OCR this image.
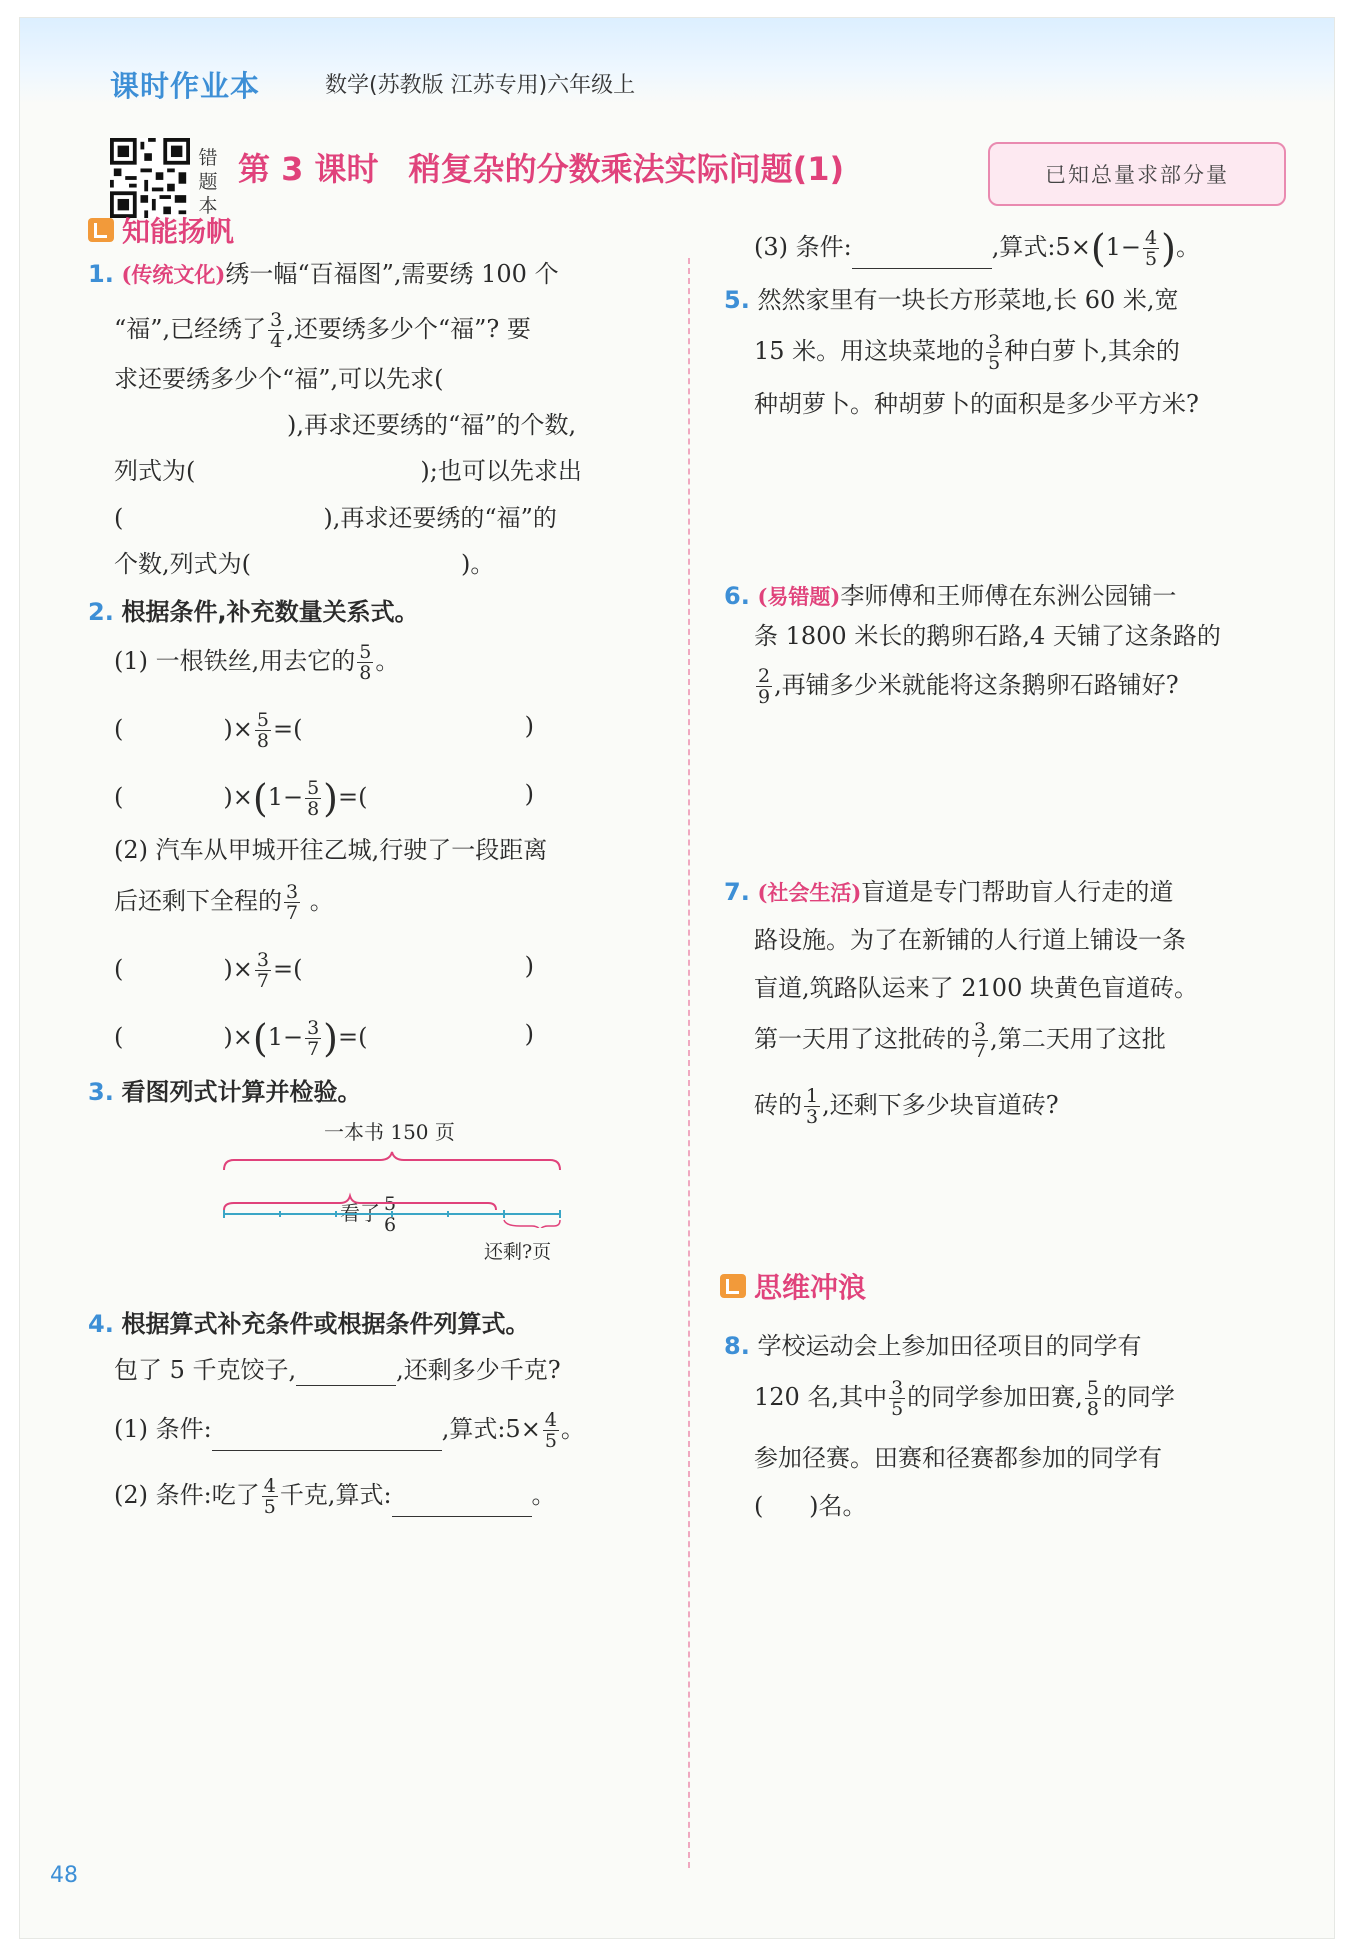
课时作业本	数学(苏教版 江苏专用)六年级上
错
题
本
第 3 课时 稍复杂的分数乘法实际问题(1)	已知总量求部分量
知能扬帆
1. (传统文化)绣一幅“百福图”,需要绣 100 个
“福”,已经绣了 $\frac{3}{4}$ ,还要绣多少个“福”? 要
求还要绣多少个“福”,可以先求(
),再求还要绣的“福”的个数,
列式为(	);也可以先求出
(	),再求还要绣的“福”的
个数,列式为(	)。
2. 根据条件,补充数量关系式。
(1) 一根铁丝,用去它的 $\frac{5}{8}$ 。
(	)× $\frac{5}{8}$ =(	)
(	)$\times(1- \frac{5}{8}$ )=(	)
(2) 汽车从甲城开往乙城,行驶了一段距离
后还剩下全程的 $\frac{3}{7}$ 。
(	)× $\frac{3}{7}$ =(	)
(	)$\times(1- \frac{3}{7}$ )=(	)
3. 看图列式计算并检验。
一本书 150 页
看了 $\frac{5}{6}$
还剩?页
4. 根据算式补充条件或根据条件列算式。
包了 5 千克饺子,	,还剩多少千克?
(1) 条件:	,算式:5× $\frac{4}{5}$ 。
(2) 条件:吃了 $\frac{4}{5}$ 千克,算式:	。
(3) 条件:	,算式:5×(1− $\frac{4}{5}$ )。
5. 然然家里有一块长方形菜地,长 60 米,宽
15 米。用这块菜地的 $\frac{3}{5}$ 种白萝卜,其余的
种胡萝卜。种胡萝卜的面积是多少平方米?
6. (易错题)李师傅和王师傅在东洲公园铺一
条 1800 米长的鹅卵石路,4 天铺了这条路的
$\frac{2}{9}$ ,再铺多少米就能将这条鹅卵石路铺好?
7. (社会生活)盲道是专门帮助盲人行走的道
路设施。为了在新铺的人行道上铺设一条
盲道,筑路队运来了 2100 块黄色盲道砖。
第一天用了这批砖的 $\frac{3}{7}$ ,第二天用了这批
砖的 $\frac{1}{3}$ ,还剩下多少块盲道砖?
思维冲浪
8. 学校运动会上参加田径项目的同学有
120 名,其中 $\frac{3}{5}$ 的同学参加田赛, $\frac{5}{8}$ 的同学
参加径赛。田赛和径赛都参加的同学有
(      )名。
48
